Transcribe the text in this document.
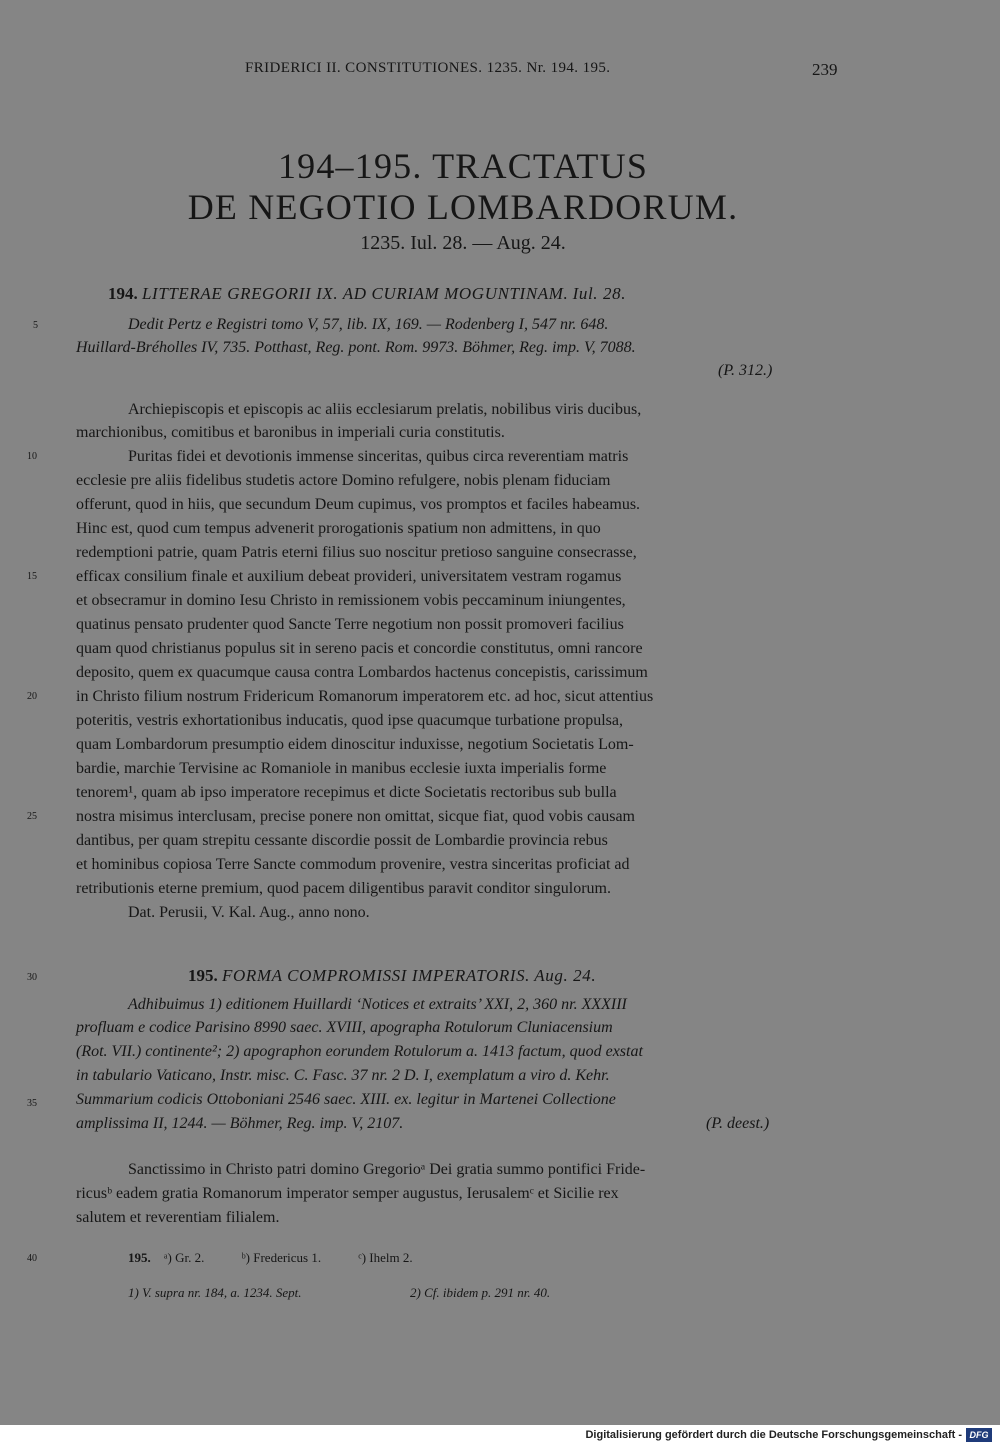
FRIDERICI II. CONSTITUTIONES. 1235. Nr. 194. 195.	239
194–195. TRACTATUS
DE NEGOTIO LOMBARDORUM.
1235. Iul. 28. — Aug. 24.
194. LITTERAE GREGORII IX. AD CURIAM MOGUNTINAM. Iul. 28.
Dedit Pertz e Registri tomo V, 57, lib. IX, 169. — Rodenberg I, 547 nr. 648.
Huillard-Bréholles IV, 735. Potthast, Reg. pont. Rom. 9973. Böhmer, Reg. imp. V, 7088.
(P. 312.)
Archiepiscopis et episcopis ac aliis ecclesiarum prelatis, nobilibus viris ducibus,
marchionibus, comitibus et baronibus in imperiali curia constitutis.
Puritas fidei et devotionis immense sinceritas, quibus circa reverentiam matris
ecclesie pre aliis fidelibus studetis actore Domino refulgere, nobis plenam fiduciam
offerunt, quod in hiis, que secundum Deum cupimus, vos promptos et faciles habeamus.
Hinc est, quod cum tempus advenerit prorogationis spatium non admittens, in quo
redemptioni patrie, quam Patris eterni filius suo noscitur pretioso sanguine consecrasse,
efficax consilium finale et auxilium debeat provideri, universitatem vestram rogamus
et obsecramur in domino Iesu Christo in remissionem vobis peccaminum iniungentes,
quatinus pensato prudenter quod Sancte Terre negotium non possit promoveri facilius
quam quod christianus populus sit in sereno pacis et concordie constitutus, omni rancore
deposito, quem ex quacumque causa contra Lombardos hactenus concepistis, carissimum
in Christo filium nostrum Fridericum Romanorum imperatorem etc. ad hoc, sicut attentius
poteritis, vestris exhortationibus inducatis, quod ipse quacumque turbatione propulsa,
quam Lombardorum presumptio eidem dinoscitur induxisse, negotium Societatis Lom-
bardie, marchie Tervisine ac Romaniole in manibus ecclesie iuxta imperialis forme
tenorem¹, quam ab ipso imperatore recepimus et dicte Societatis rectoribus sub bulla
nostra misimus interclusam, precise ponere non omittat, sicque fiat, quod vobis causam
dantibus, per quam strepitu cessante discordie possit de Lombardie provincia rebus
et hominibus copiosa Terre Sancte commodum provenire, vestra sinceritas proficiat ad
retributionis eterne premium, quod pacem diligentibus paravit conditor singulorum.
Dat. Perusii, V. Kal. Aug., anno nono.
195. FORMA COMPROMISSI IMPERATORIS. Aug. 24.
Adhibuimus 1) editionem Huillardi ‘Notices et extraits’ XXI, 2, 360 nr. XXXIII
profluam e codice Parisino 8990 saec. XVIII, apographa Rotulorum Cluniacensium
(Rot. VII.) continente²; 2) apographon eorundem Rotulorum a. 1413 factum, quod exstat
in tabulario Vaticano, Instr. misc. C. Fasc. 37 nr. 2 D. I, exemplatum a viro d. Kehr.
Summarium codicis Ottoboniani 2546 saec. XIII. ex. legitur in Martenei Collectione
amplissima II, 1244. — Böhmer, Reg. imp. V, 2107.	(P. deest.)
Sanctissimo in Christo patri domino Gregorioᵃ Dei gratia summo pontifici Fride-
ricusᵇ eadem gratia Romanorum imperator semper augustus, Ierusalemᶜ et Sicilie rex
salutem et reverentiam filialem.
195. ᵃ) Gr. 2.	ᵇ) Fredericus 1.	ᶜ) Ihelm 2.
1) V. supra nr. 184, a. 1234. Sept.	2) Cf. ibidem p. 291 nr. 40.
5
10
15
20
25
30
35
40
Digitalisierung gefördert durch die Deutsche Forschungsgemeinschaft - DFG
